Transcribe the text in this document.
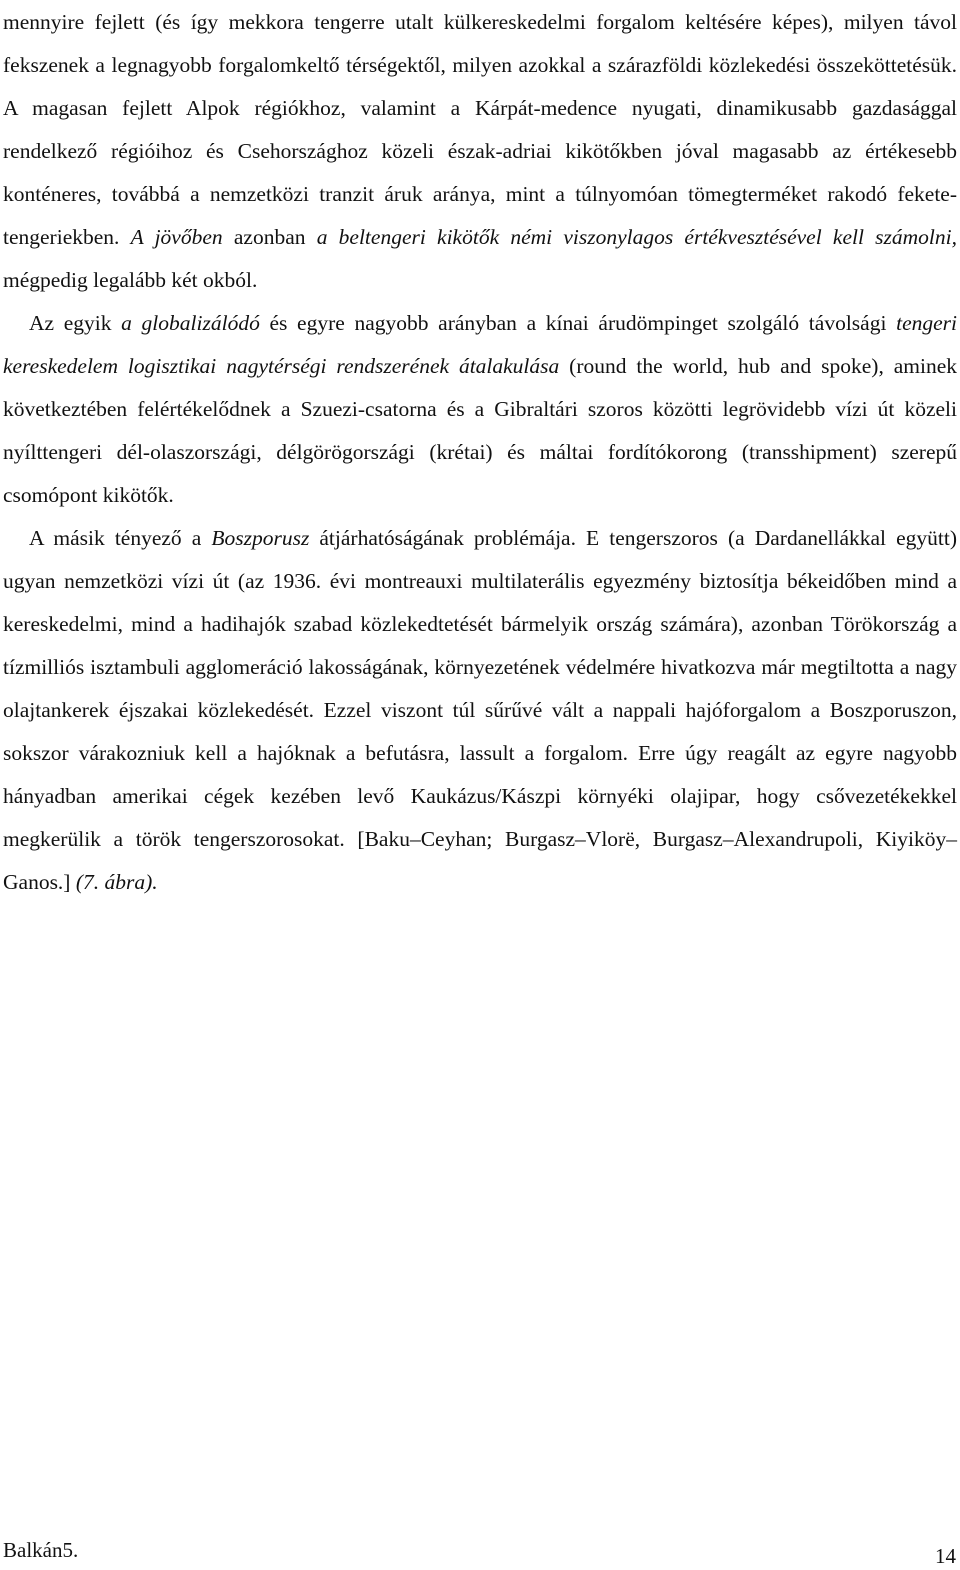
mennyire fejlett (és így mekkora tengerre utalt külkereskedelmi forgalom keltésére képes), milyen távol fekszenek a legnagyobb forgalomkeltő térségektől, milyen azokkal a szárazföldi közlekedési összeköttetésük. A magasan fejlett Alpok régiókhoz, valamint a Kárpát-medence nyugati, dinamikusabb gazdasággal rendelkező régióihoz és Csehországhoz közeli észak-adriai kikötőkben jóval magasabb az értékesebb konténeres, továbbá a nemzetközi tranzit áruk aránya, mint a túlnyomóan tömegterméket rakodó fekete-tengeriekben. A jövőben azonban a beltengeri kikötők némi viszonylagos értékvesztésével kell számolni, mégpedig legalább két okból.

Az egyik a globalizálódó és egyre nagyobb arányban a kínai árudömpinget szolgáló távolsági tengeri kereskedelem logisztikai nagytérségi rendszerének átalakulása (round the world, hub and spoke), aminek következtében felértékelődnek a Szuezi-csatorna és a Gibraltári szoros közötti legrövidebb vízi út közeli nyílttengeri dél-olaszországi, délgörögországi (krétai) és máltai fordítókorong (transshipment) szerepű csomópont kikötők.

A másik tényező a Boszporusz átjárhatóságának problémája. E tengerszoros (a Dardanellákkal együtt) ugyan nemzetközi vízi út (az 1936. évi montreauxi multilaterális egyezmény biztosítja békeidőben mind a kereskedelmi, mind a hadihajók szabad közlekedtetését bármelyik ország számára), azonban Törökország a tízmilliós isztambuli agglomeráció lakosságának, környezetének védelmére hivatkozva már megtiltotta a nagy olajtankerek éjszakai közlekedését. Ezzel viszont túl sűrűvé vált a nappali hajóforgalom a Boszporuszon, sokszor várakozniuk kell a hajóknak a befutásra, lassult a forgalom. Erre úgy reagált az egyre nagyobb hányadban amerikai cégek kezében levő Kaukázus/Kászpi környéki olajipar, hogy csővezetékekkel megkerülik a török tengerszorosokat. [Baku–Ceyhan; Burgasz–Vlorë, Burgasz–Alexandrupoli, Kiyiköy–Ganos.] (7. ábra).

Balkán5.	14
